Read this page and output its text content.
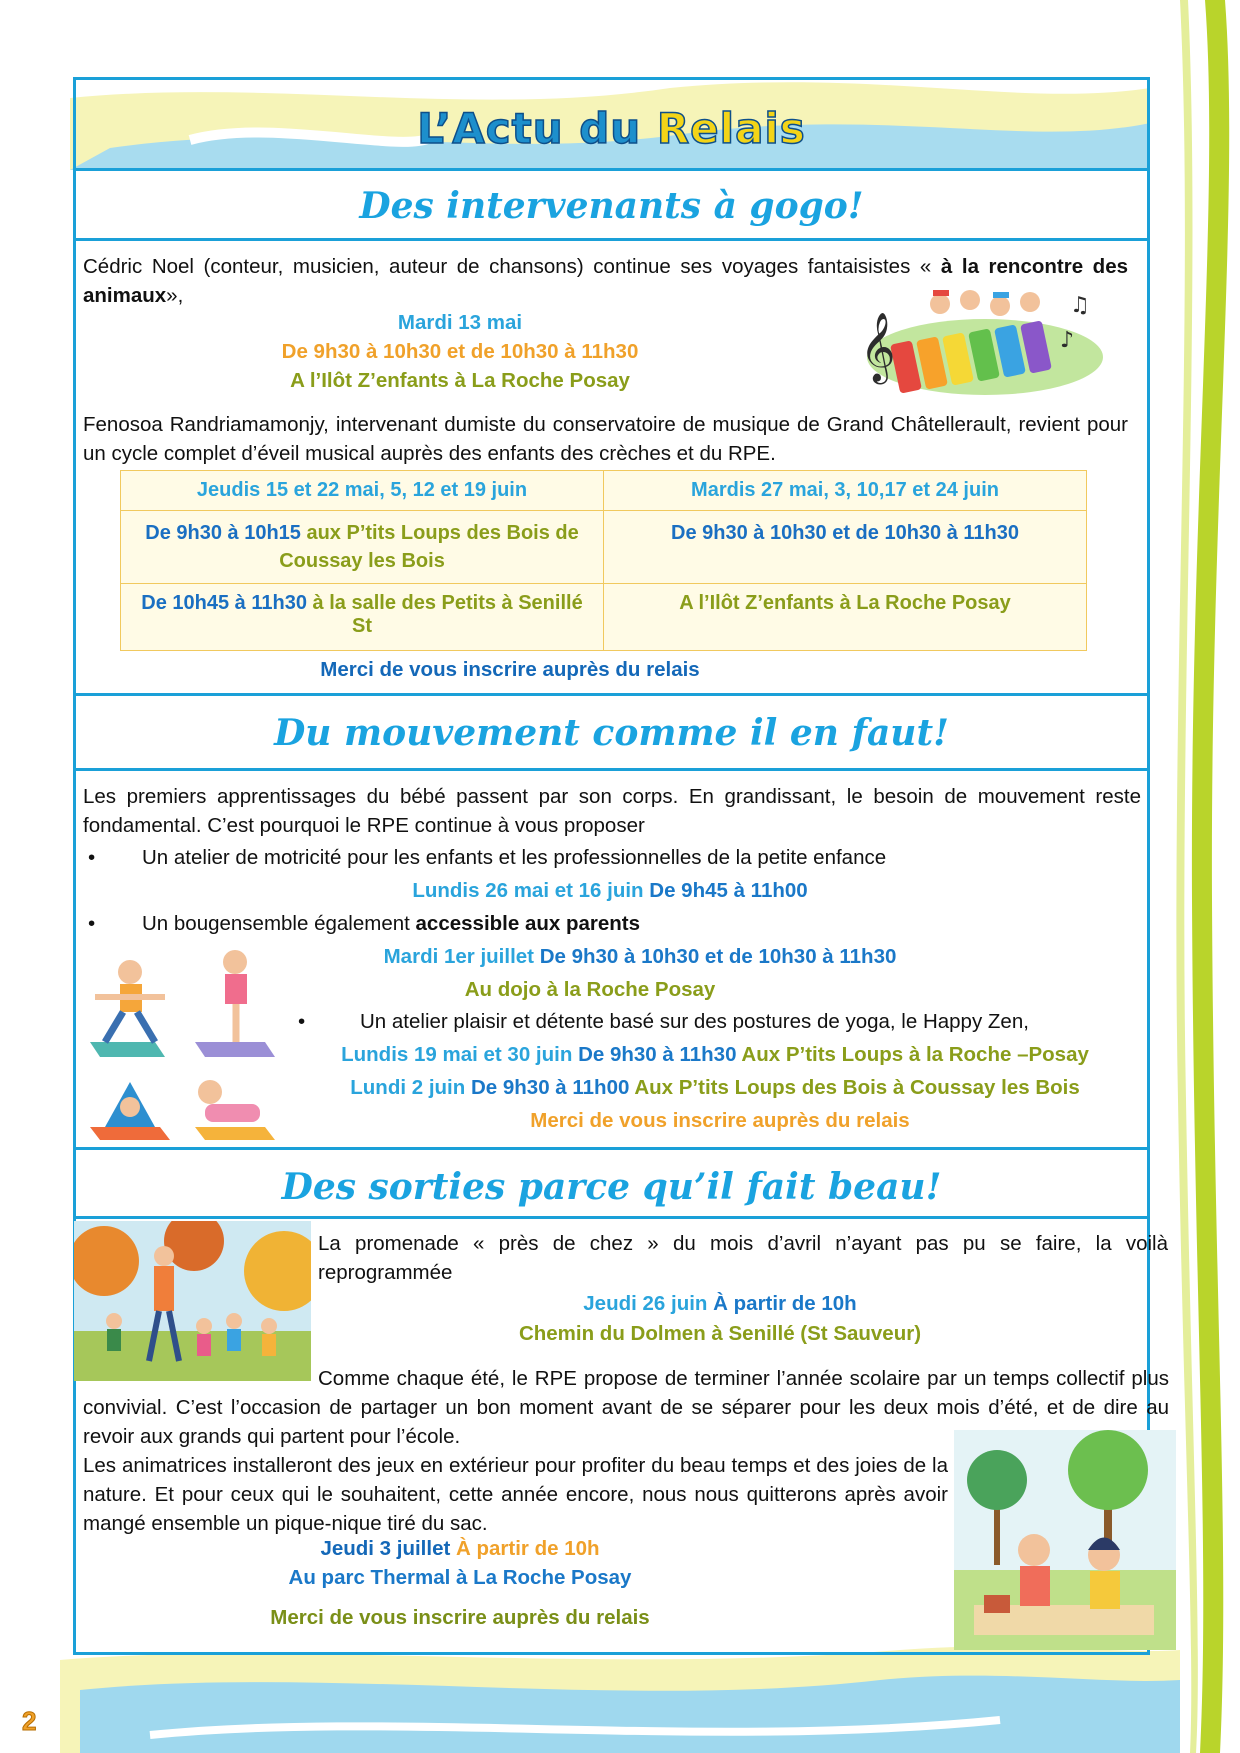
L’Actu du Relais
Des intervenants à gogo!
Cédric Noel (conteur, musicien, auteur de chansons) continue ses voyages fantaisistes « à la rencontre des animaux»,
Mardi 13 mai
De 9h30 à 10h30 et de 10h30 à 11h30
A l’Ilôt Z’enfants à La Roche Posay	𝄞
♫
♪
Fenosoa Randriamamonjy, intervenant dumiste du conservatoire de musique de Grand Châtellerault, revient pour un cycle complet d’éveil musical auprès des enfants des crèches et du RPE.
Jeudis 15 et 22 mai, 5, 12 et 19 juin	Mardis 27 mai, 3, 10,17 et 24 juin
De 9h30 à 10h15 aux P’tits Loups des Bois de Coussay les Bois	De 9h30 à 10h30 et de 10h30 à 11h30
De 10h45 à 11h30 à la salle des Petits à Senillé St	A l’Ilôt Z’enfants à La Roche Posay
Merci de vous inscrire auprès du relais
Du mouvement comme il en faut!
Les premiers apprentissages du bébé passent par son corps. En grandissant, le besoin de mouvement reste fondamental. C’est pourquoi le RPE continue à vous proposer
• Un atelier de motricité pour les enfants et les professionnelles de la petite enfance
Lundis 26 mai et 16 juin De 9h45 à 11h00
• Un bougensemble également accessible aux parents
Mardi 1er juillet De 9h30 à 10h30 et de 10h30 à 11h30
Au dojo à la Roche Posay
•	Un atelier plaisir et détente basé sur des postures de yoga, le Happy Zen,
Lundis 19 mai et 30 juin De 9h30 à 11h30 Aux P’tits Loups à la Roche –Posay
Lundi 2 juin De 9h30 à 11h00 Aux P’tits Loups des Bois à Coussay les Bois
Merci de vous inscrire auprès du relais
Des sorties parce qu’il fait beau!
La promenade « près de chez » du mois d’avril n’ayant pas pu se faire, la voilà reprogrammée
Jeudi 26 juin À partir de 10h
Chemin du Dolmen à Senillé (St Sauveur)
Comme chaque été, le RPE propose de terminer l’année scolaire par un temps collectif plus convivial. C’est l’occasion de partager un bon moment avant de se séparer pour les deux mois d’été, et de dire au revoir aux grands qui partent pour l’école.
Les animatrices installeront des jeux en extérieur pour profiter du beau temps et des joies de la nature. Et pour ceux qui le souhaitent, cette année encore, nous nous quitterons après avoir mangé ensemble un pique-nique tiré du sac.
Jeudi 3 juillet À partir de 10h
Au parc Thermal à La Roche Posay
Merci de vous inscrire auprès du relais
2
